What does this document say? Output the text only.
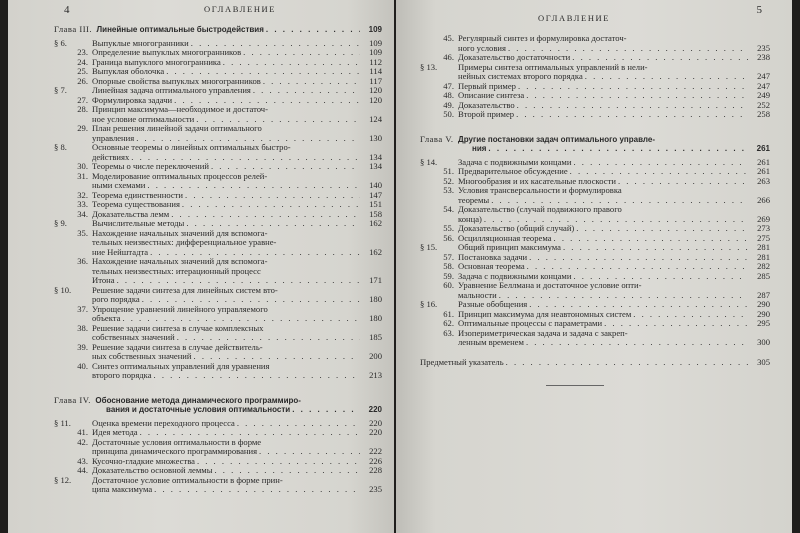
4	ОГЛАВЛЕНИЕ
Глава III.
Линейные оптимальные быстродействия . . .	109
§ 6.	Выпуклые многогранники . . .	109
23. Определение выпуклых многогранников . . .	109
24. Граница выпуклого многогранника . . .	112
25. Выпуклая оболочка . . .	114
26. Опорные свойства выпуклых многогранников . . .	117
§ 7.	Линейная задача оптимального управления . . .	120
27. Формулировка задачи . . .	120
28. Принцип максимума—необходимое и достаточ-
ное условие оптимальности . . .	124
29. План решения линейной задачи оптимального
управления . . .	130
§ 8.	Основные теоремы о линейных оптимальных быстро-
действиях . . .	134
30. Теоремы о числе переключений . . .	134
31. Моделирование оптимальных процессов релей-
ными схемами . . .	140
32. Теорема единственности . . .	147
33. Теорема существования . . .	151
34. Доказательства лемм . . .	158
§ 9.	Вычислительные методы . . .	162
35. Нахождение начальных значений для вспомога-
тельных неизвестных: дифференциальное уравне-
ние Нейштадта . . .	162
36. Нахождение начальных значений для вспомога-
тельных неизвестных: итерационный процесс
Итона . . .	171
§ 10. Решение задачи синтеза для линейных систем вто-
рого порядка . . .	180
37. Упрощение уравнений линейного управляемого
объекта . . .	180
38. Решение задачи синтеза в случае комплексных
собственных значений . . .	185
39. Решение задачи синтеза в случае действитель-
ных собственных значений . . .	200
40. Синтез оптимальных управлений для уравнения
второго порядка . . .	213
Глава IV. Обоснование метода динамического программиро-
вания и достаточные условия оптимальности . . .	220
§ 11. Оценка времени переходного процесса . . .	220
41. Идея метода . . .	220
42. Достаточные условия оптимальности в форме
принципа динамического программирования . . .	222
43. Кусочно-гладкие множества . . .	226
44. Доказательство основной леммы . . .	228
§ 12. Достаточное условие оптимальности в форме прин-
ципа максимума . . .	235
5
ОГЛАВЛЕНИЕ
45. Регулярный синтез и формулировка достаточ-
ного условия . . .	235
46. Доказательство достаточности . . .	238
§ 13. Примеры синтеза оптимальных управлений в нели-
нейных системах второго порядка . . .	247
47. Первый пример . . .	247
48. Описание синтеза . . .	249
49. Доказательство . . .	252
50. Второй пример . . .	258
Глава V. Другие постановки задач оптимального управле-
ния . . .	261
§ 14. Задача с подвижными концами . . .	261
51. Предварительное обсуждение . . .	261
52. Многообразия и их касательные плоскости . . .	263
53. Условия трансверсальности и формулировка
теоремы . . .	266
54. Доказательство (случай подвижного правого
конца) . . .	269
55. Доказательство (общий случай) . . .	273
56. Осцилляционная теорема . . .	275
§ 15. Общий принцип максимума . . .	281
57. Постановка задачи . . .	281
58. Основная теорема . . .	282
59. Задача с подвижными концами . . .	285
60. Уравнение Беллмана и достаточное условие опти-
мальности . . .	287
§ 16. Разные обобщения . . .	290
61. Принцип максимума для неавтономных систем . . .	290
62. Оптимальные процессы с параметрами . . .	295
63. Изопериметрическая задача и задача с закреп-
ленным временем . . .	300
Предметный указатель . . .	305
